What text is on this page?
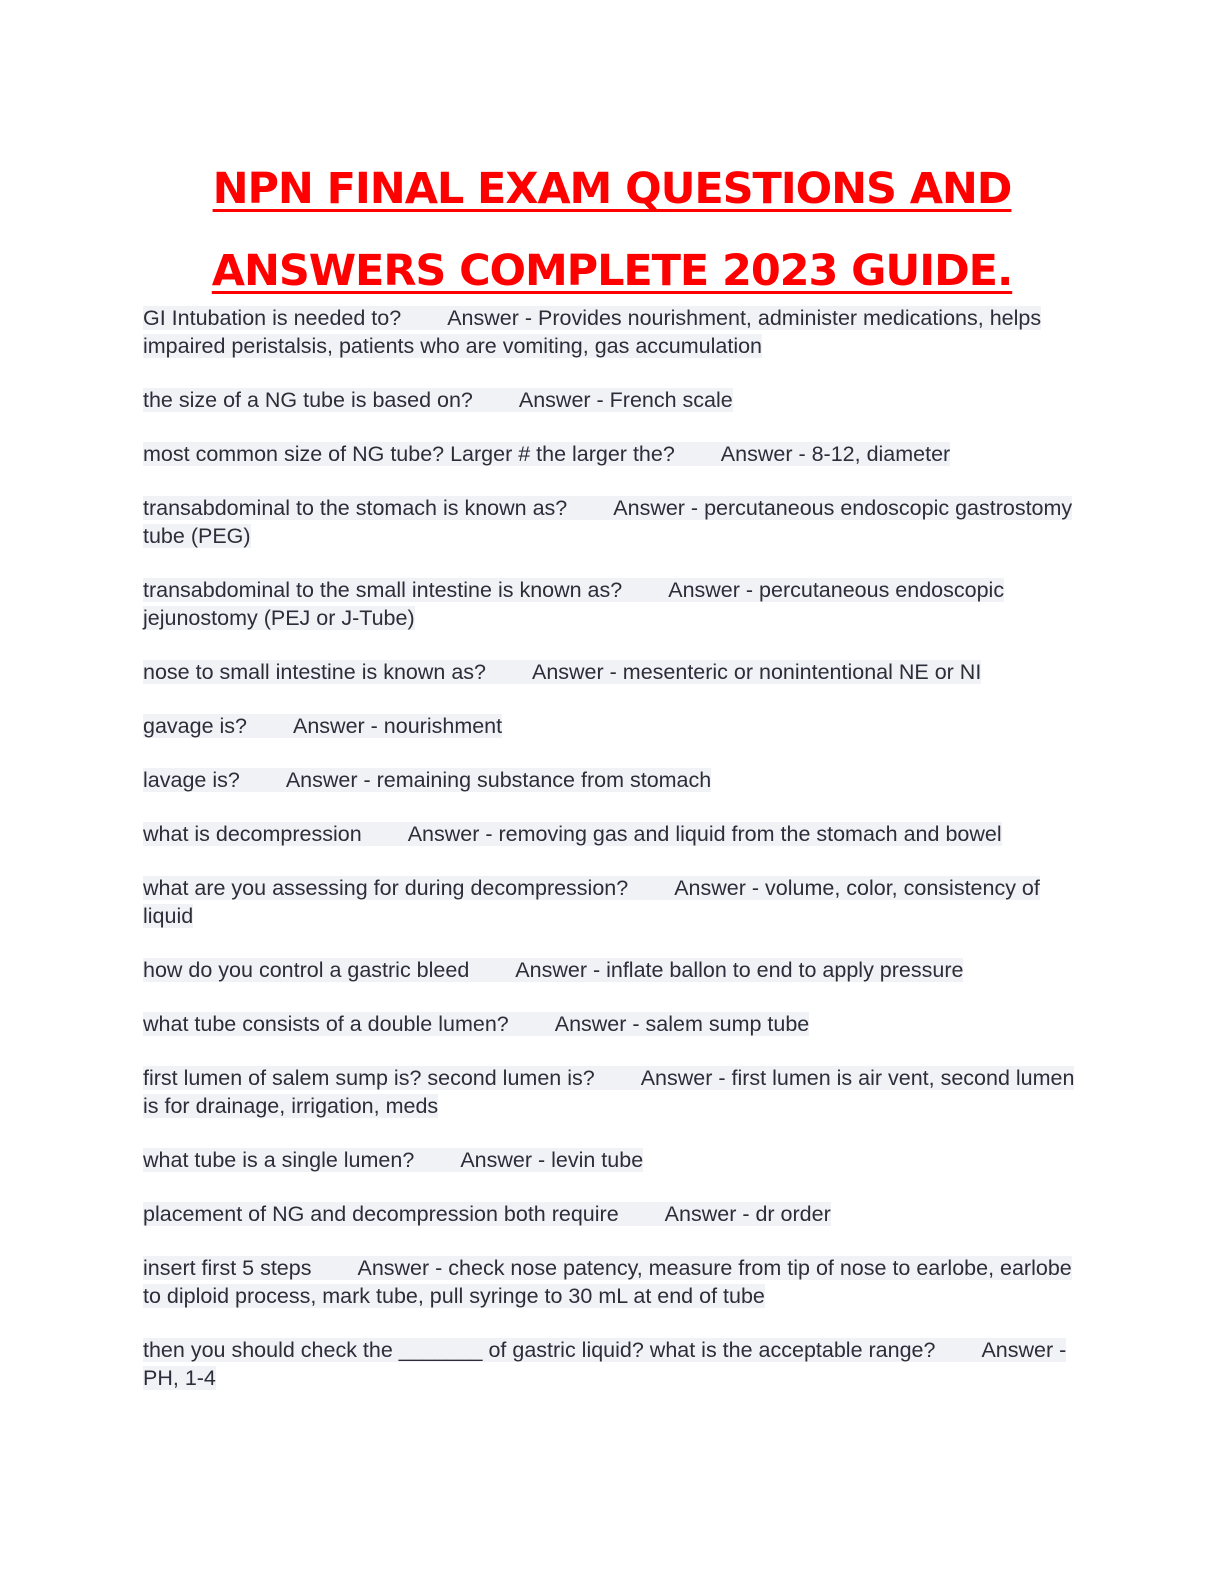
NPN FINAL EXAM QUESTIONS AND
ANSWERS COMPLETE 2023 GUIDE.

GI Intubation is needed to? Answer - Provides nourishment, administer medications, helps impaired peristalsis, patients who are vomiting, gas accumulation

the size of a NG tube is based on? Answer - French scale

most common size of NG tube? Larger # the larger the? Answer - 8-12, diameter

transabdominal to the stomach is known as? Answer - percutaneous endoscopic gastrostomy tube (PEG)

transabdominal to the small intestine is known as? Answer - percutaneous endoscopic jejunostomy (PEJ or J-Tube)

nose to small intestine is known as? Answer - mesenteric or nonintentional NE or NI

gavage is? Answer - nourishment

lavage is? Answer - remaining substance from stomach

what is decompression Answer - removing gas and liquid from the stomach and bowel

what are you assessing for during decompression? Answer - volume, color, consistency of liquid

how do you control a gastric bleed Answer - inflate ballon to end to apply pressure

what tube consists of a double lumen? Answer - salem sump tube

first lumen of salem sump is? second lumen is? Answer - first lumen is air vent, second lumen is for drainage, irrigation, meds

what tube is a single lumen? Answer - levin tube

placement of NG and decompression both require Answer - dr order

insert first 5 steps Answer - check nose patency, measure from tip of nose to earlobe, earlobe to diploid process, mark tube, pull syringe to 30 mL at end of tube

then you should check the _______ of gastric liquid? what is the acceptable range? Answer - PH, 1-4
